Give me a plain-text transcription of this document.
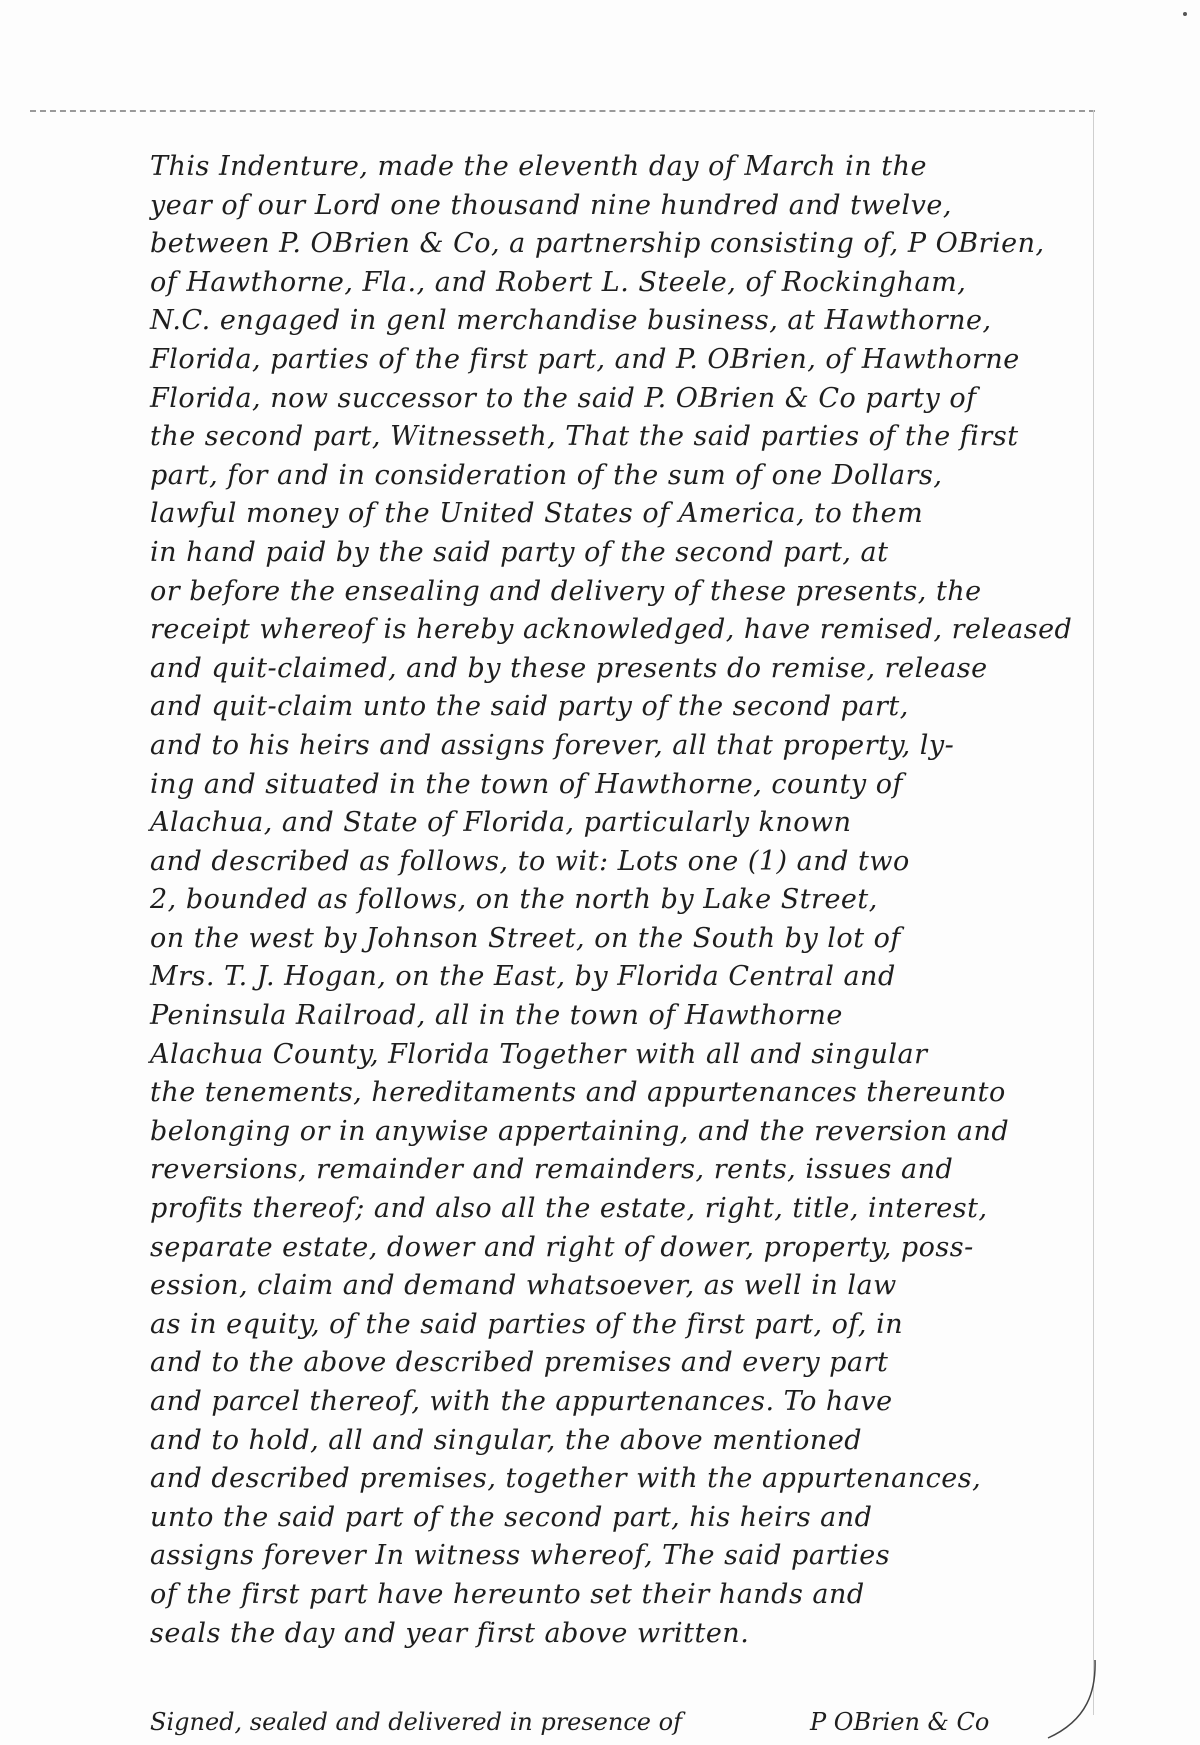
This Indenture, made the eleventh day of March in the
year of our Lord one thousand nine hundred and twelve,
between P. OBrien & Co, a partnership consisting of, P OBrien,
of Hawthorne, Fla., and Robert L. Steele, of Rockingham,
N.C. engaged in genl merchandise business, at Hawthorne,
Florida, parties of the first part, and P. OBrien, of Hawthorne
Florida, now successor to the said P. OBrien & Co party of
the second part, Witnesseth, That the said parties of the first
part, for and in consideration of the sum of one Dollars,
lawful money of the United States of America, to them
in hand paid by the said party of the second part, at
or before the ensealing and delivery of these presents, the
receipt whereof is hereby acknowledged, have remised, released
and quit-claimed, and by these presents do remise, release
and quit-claim unto the said party of the second part,
and to his heirs and assigns forever, all that property, ly-
ing and situated in the town of Hawthorne, county of
Alachua, and State of Florida, particularly known
and described as follows, to wit: Lots one (1) and two
2, bounded as follows, on the north by Lake Street,
on the west by Johnson Street, on the South by lot of
Mrs. T. J. Hogan, on the East, by Florida Central and
Peninsula Railroad, all in the town of Hawthorne
Alachua County, Florida Together with all and singular
the tenements, hereditaments and appurtenances thereunto
belonging or in anywise appertaining, and the reversion and
reversions, remainder and remainders, rents, issues and
profits thereof; and also all the estate, right, title, interest,
separate estate, dower and right of dower, property, poss-
ession, claim and demand whatsoever, as well in law
as in equity, of the said parties of the first part, of, in
and to the above described premises and every part
and parcel thereof, with the appurtenances. To have
and to hold, all and singular, the above mentioned
and described premises, together with the appurtenances,
unto the said part of the second part, his heirs and
assigns forever In witness whereof, The said parties
of the first part have hereunto set their hands and
seals the day and year first above written.
Signed, sealed and delivered in presence of	P OBrien & Co
